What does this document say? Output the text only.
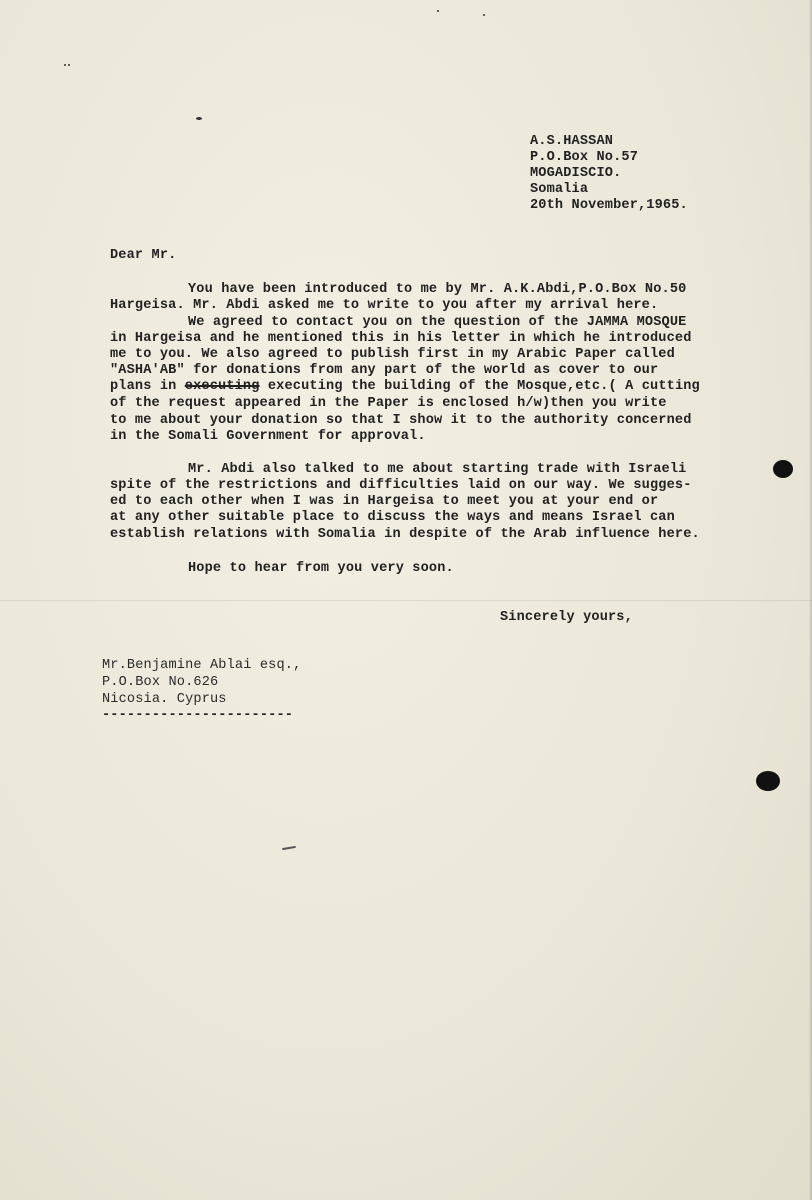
A.S.HASSAN
P.O.Box No.57
MOGADISCIO.
Somalia
20th November,1965.
Dear Mr.
You have been introduced to me by Mr. A.K.Abdi,P.O.Box No.50
Hargeisa. Mr. Abdi asked me to write to you after my arrival here.
We agreed to contact you on the question of the JAMMA MOSQUE
in Hargeisa and he mentioned this in his letter in which he introduced
me to you. We also agreed to publish first in my Arabic Paper called
"ASHA'AB" for donations from any part of the world as cover to our
plans in executing executing the building of the Mosque,etc.( A cutting
of the request appeared in the Paper is enclosed h/w)then you write
to me about your donation so that I show it to the authority concerned
in the Somali Government for approval.
Mr. Abdi also talked to me about starting trade with Israeli
spite of the restrictions and difficulties laid on our way. We sugges-
ed to each other when I was in Hargeisa to meet you at your end or
at any other suitable place to discuss the ways and means Israel can
establish relations with Somalia in despite of the Arab influence here.
Hope to hear from you very soon.
Sincerely yours,
Mr.Benjamine Ablai esq.,
P.O.Box No.626
Nicosia. Cyprus
-----------------------
